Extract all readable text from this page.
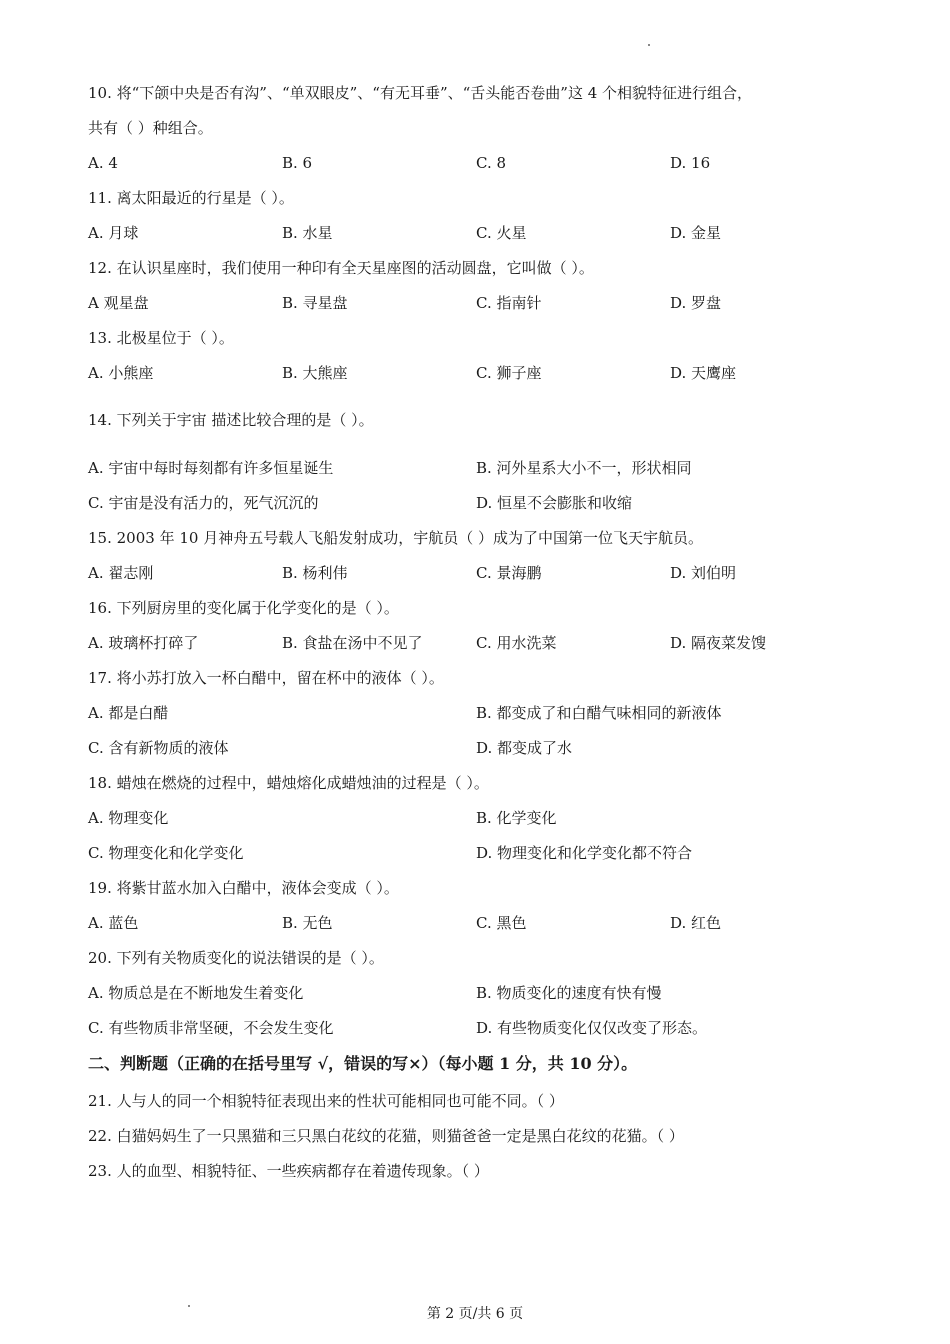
10. 将“下颌中央是否有沟”、“单双眼皮”、“有无耳垂”、“舌头能否卷曲”这 4 个相貌特征进行组合，
共有（ ）种组合。
A. 4	B. 6	C. 8	D. 16
11. 离太阳最近的行星是（ ）。
A. 月球	B. 水星	C. 火星	D. 金星
12. 在认识星座时，我们使用一种印有全天星座图的活动圆盘，它叫做（ ）。
A 观星盘	B. 寻星盘	C. 指南针	D. 罗盘
13. 北极星位于（ ）。
A. 小熊座	B. 大熊座	C. 狮子座	D. 天鹰座
14. 下列关于宇宙 描述比较合理的是（ ）。
A. 宇宙中每时每刻都有许多恒星诞生	B. 河外星系大小不一，形状相同
C. 宇宙是没有活力的，死气沉沉的	D. 恒星不会膨胀和收缩
15. 2003 年 10 月神舟五号载人飞船发射成功，宇航员（ ）成为了中国第一位飞天宇航员。
A. 翟志刚	B. 杨利伟	C. 景海鹏	D. 刘伯明
16. 下列厨房里的变化属于化学变化的是（ ）。
A. 玻璃杯打碎了	B. 食盐在汤中不见了	C. 用水洗菜	D. 隔夜菜发馊
17. 将小苏打放入一杯白醋中，留在杯中的液体（ ）。
A. 都是白醋	B. 都变成了和白醋气味相同的新液体
C. 含有新物质的液体	D. 都变成了水
18. 蜡烛在燃烧的过程中，蜡烛熔化成蜡烛油的过程是（ ）。
A. 物理变化	B. 化学变化
C. 物理变化和化学变化	D. 物理变化和化学变化都不符合
19. 将紫甘蓝水加入白醋中，液体会变成（ ）。
A. 蓝色	B. 无色	C. 黑色	D. 红色
20. 下列有关物质变化的说法错误的是（ ）。
A. 物质总是在不断地发生着变化	B. 物质变化的速度有快有慢
C. 有些物质非常坚硬，不会发生变化	D. 有些物质变化仅仅改变了形态。
二、判断题（正确的在括号里写 √，错误的写×）（每小题 1 分，共 10 分）。
21. 人与人的同一个相貌特征表现出来的性状可能相同也可能不同。（ ）
22. 白猫妈妈生了一只黑猫和三只黑白花纹的花猫，则猫爸爸一定是黑白花纹的花猫。（ ）
23. 人的血型、相貌特征、一些疾病都存在着遗传现象。（ ）
第 2 页/共 6 页
